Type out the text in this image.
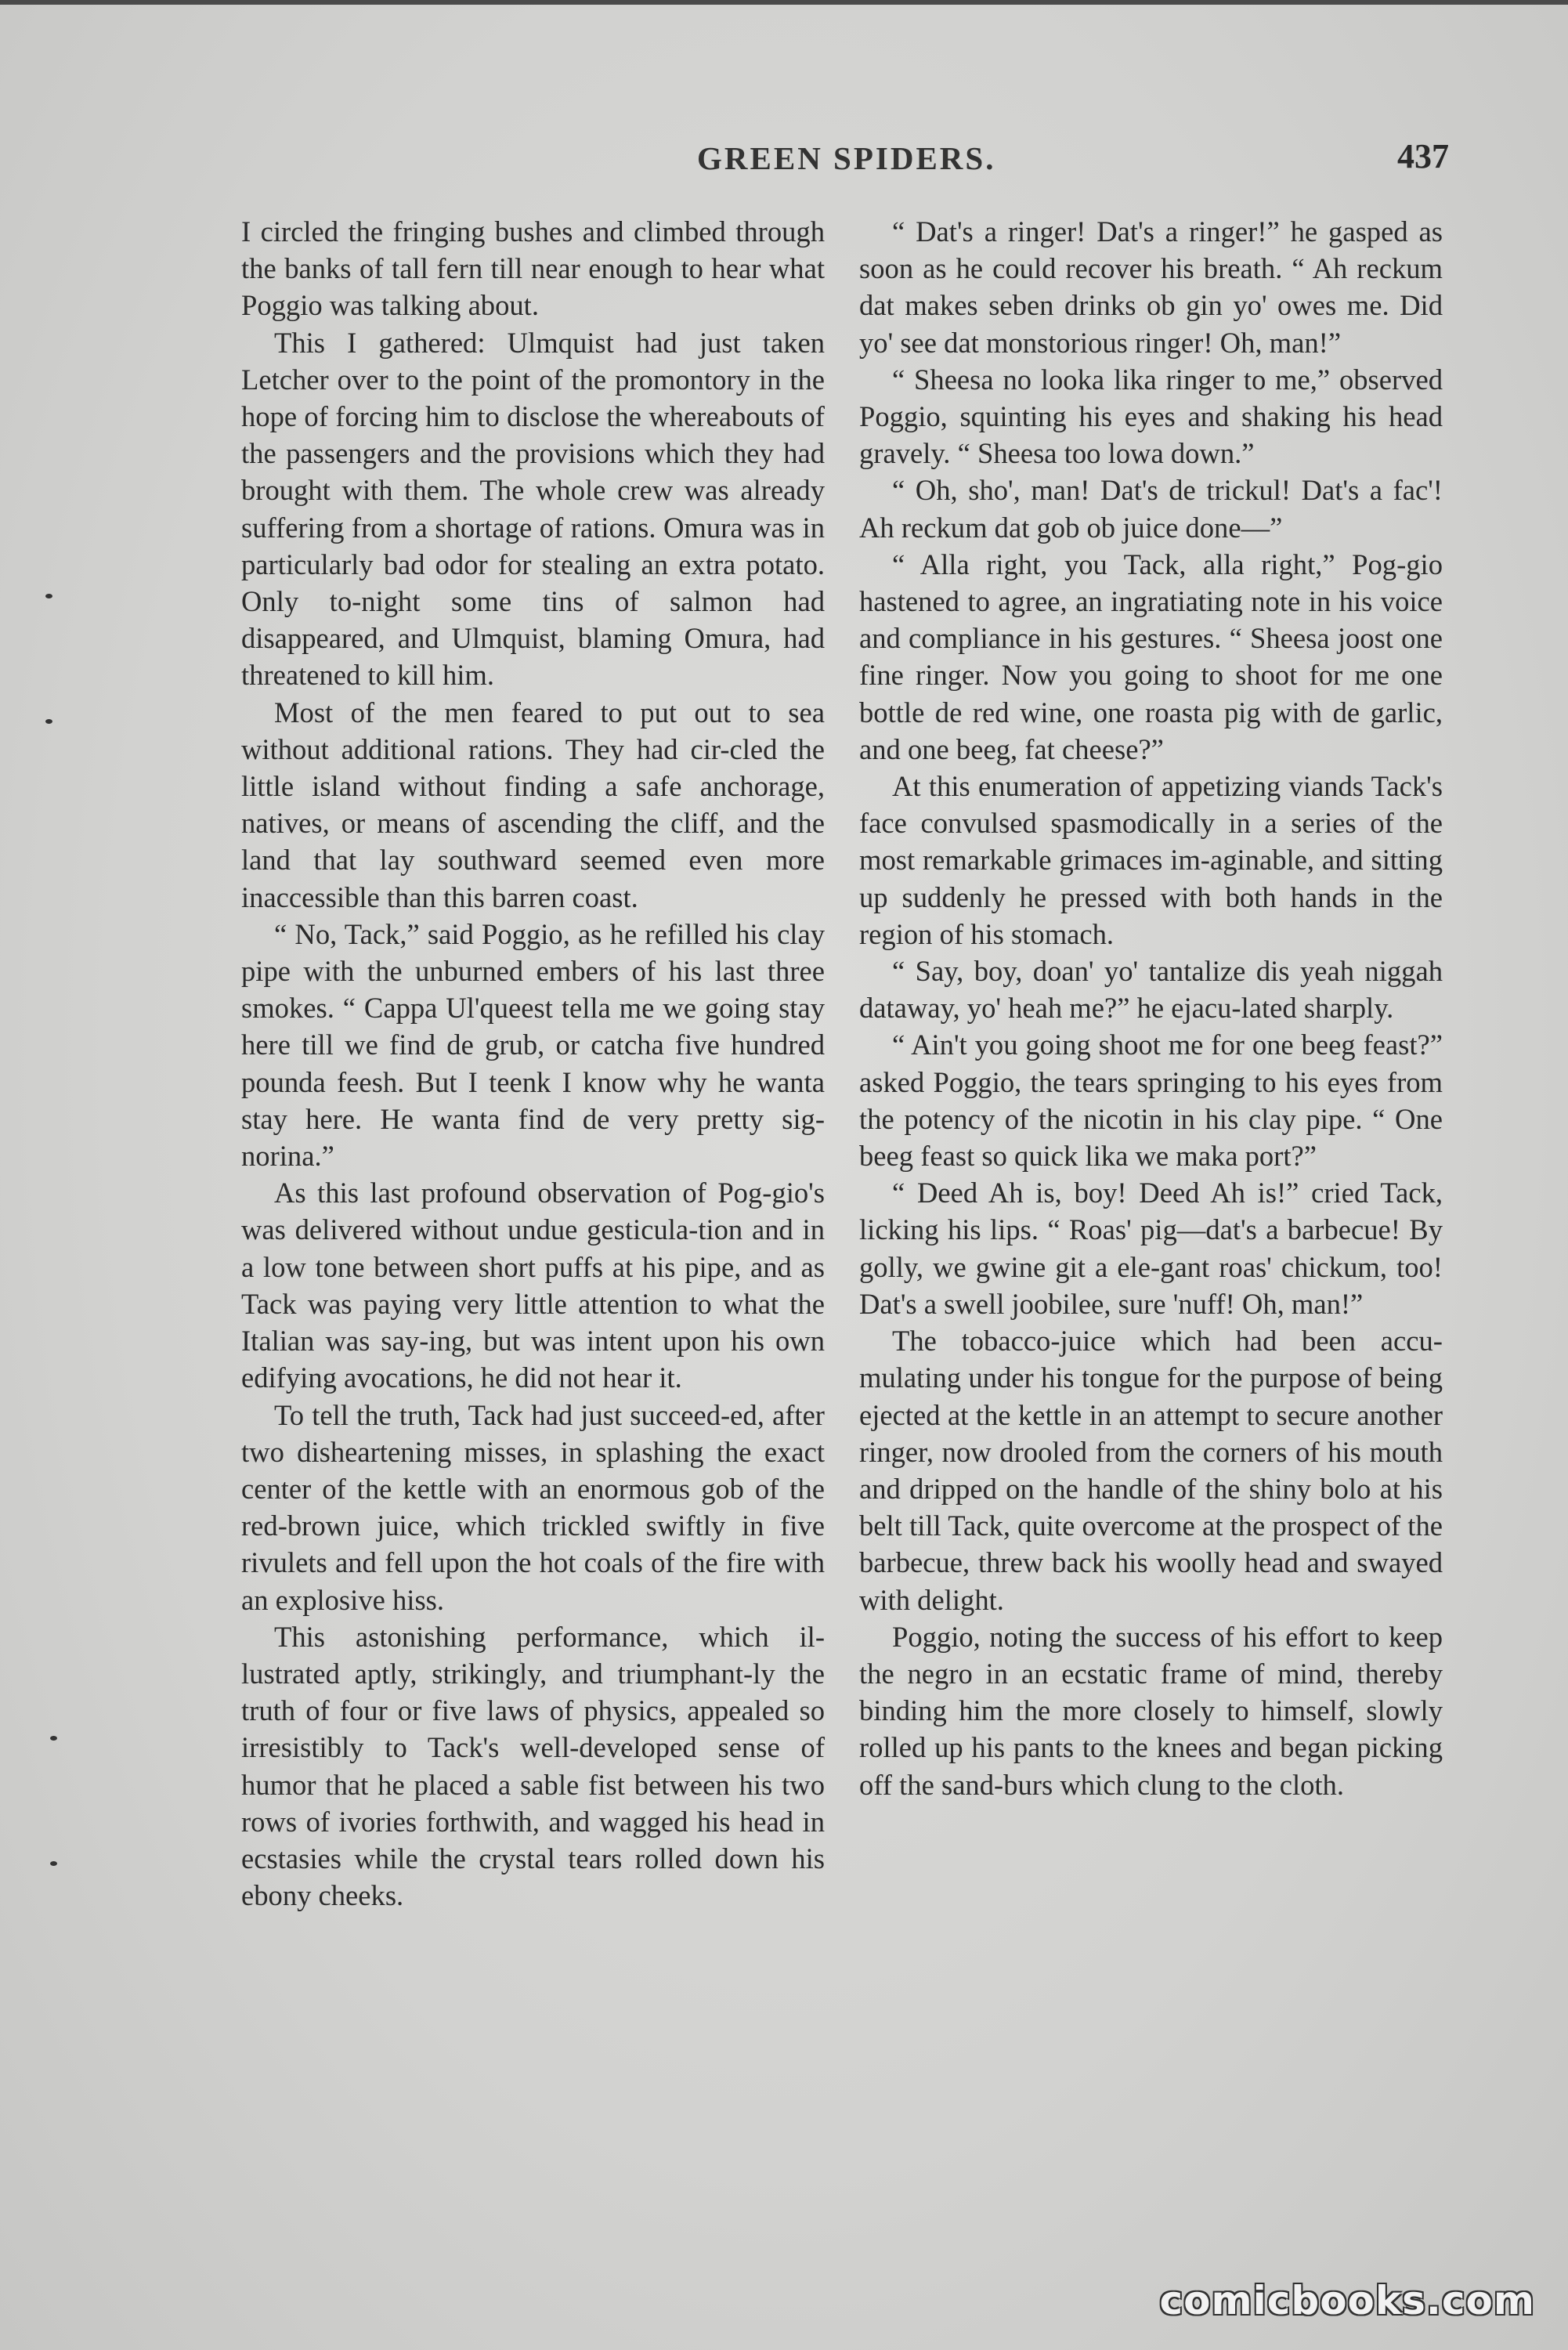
GREEN SPIDERS.	437

I circled the fringing bushes and climbed through the banks of tall fern till near enough to hear what Poggio was talking about.

This I gathered: Ulmquist had just taken Letcher over to the point of the promontory in the hope of forcing him to disclose the whereabouts of the passengers and the provisions which they had brought with them. The whole crew was already suffering from a shortage of rations. Omura was in particularly bad odor for stealing an extra potato. Only to-night some tins of salmon had disappeared, and Ulmquist, blaming Omura, had threatened to kill him.

Most of the men feared to put out to sea without additional rations. They had cir-cled the little island without finding a safe anchorage, natives, or means of ascending the cliff, and the land that lay southward seemed even more inaccessible than this barren coast.

“ No, Tack,” said Poggio, as he refilled his clay pipe with the unburned embers of his last three smokes. “ Cappa Ul'queest tella me we going stay here till we find de grub, or catcha five hundred pounda feesh. But I teenk I know why he wanta stay here. He wanta find de very pretty sig-norina.”

As this last profound observation of Pog-gio's was delivered without undue gesticula-tion and in a low tone between short puffs at his pipe, and as Tack was paying very little attention to what the Italian was say-ing, but was intent upon his own edifying avocations, he did not hear it.

To tell the truth, Tack had just succeed-ed, after two disheartening misses, in splashing the exact center of the kettle with an enormous gob of the red-brown juice, which trickled swiftly in five rivulets and fell upon the hot coals of the fire with an explosive hiss.

This astonishing performance, which il-lustrated aptly, strikingly, and triumphant-ly the truth of four or five laws of physics, appealed so irresistibly to Tack's well-developed sense of humor that he placed a sable fist between his two rows of ivories forthwith, and wagged his head in ecstasies while the crystal tears rolled down his ebony cheeks.

“ Dat's a ringer! Dat's a ringer!” he gasped as soon as he could recover his breath. “ Ah reckum dat makes seben drinks ob gin yo' owes me. Did yo' see dat monstorious ringer! Oh, man!”

“ Sheesa no looka lika ringer to me,” observed Poggio, squinting his eyes and shaking his head gravely. “ Sheesa too lowa down.”

“ Oh, sho', man! Dat's de trickul! Dat's a fac'! Ah reckum dat gob ob juice done—”

“ Alla right, you Tack, alla right,” Pog-gio hastened to agree, an ingratiating note in his voice and compliance in his gestures. “ Sheesa joost one fine ringer. Now you going to shoot for me one bottle de red wine, one roasta pig with de garlic, and one beeg, fat cheese?”

At this enumeration of appetizing viands Tack's face convulsed spasmodically in a series of the most remarkable grimaces im-aginable, and sitting up suddenly he pressed with both hands in the region of his stomach.

“ Say, boy, doan' yo' tantalize dis yeah niggah dataway, yo' heah me?” he ejacu-lated sharply.

“ Ain't you going shoot me for one beeg feast?” asked Poggio, the tears springing to his eyes from the potency of the nicotin in his clay pipe. “ One beeg feast so quick lika we maka port?”

“ Deed Ah is, boy! Deed Ah is!” cried Tack, licking his lips. “ Roas' pig—dat's a barbecue! By golly, we gwine git a ele-gant roas' chickum, too! Dat's a swell joobilee, sure 'nuff! Oh, man!”

The tobacco-juice which had been accu-mulating under his tongue for the purpose of being ejected at the kettle in an attempt to secure another ringer, now drooled from the corners of his mouth and dripped on the handle of the shiny bolo at his belt till Tack, quite overcome at the prospect of the barbecue, threw back his woolly head and swayed with delight.

Poggio, noting the success of his effort to keep the negro in an ecstatic frame of mind, thereby binding him the more closely to himself, slowly rolled up his pants to the knees and began picking off the sand-burs which clung to the cloth.

comicbooks.com
